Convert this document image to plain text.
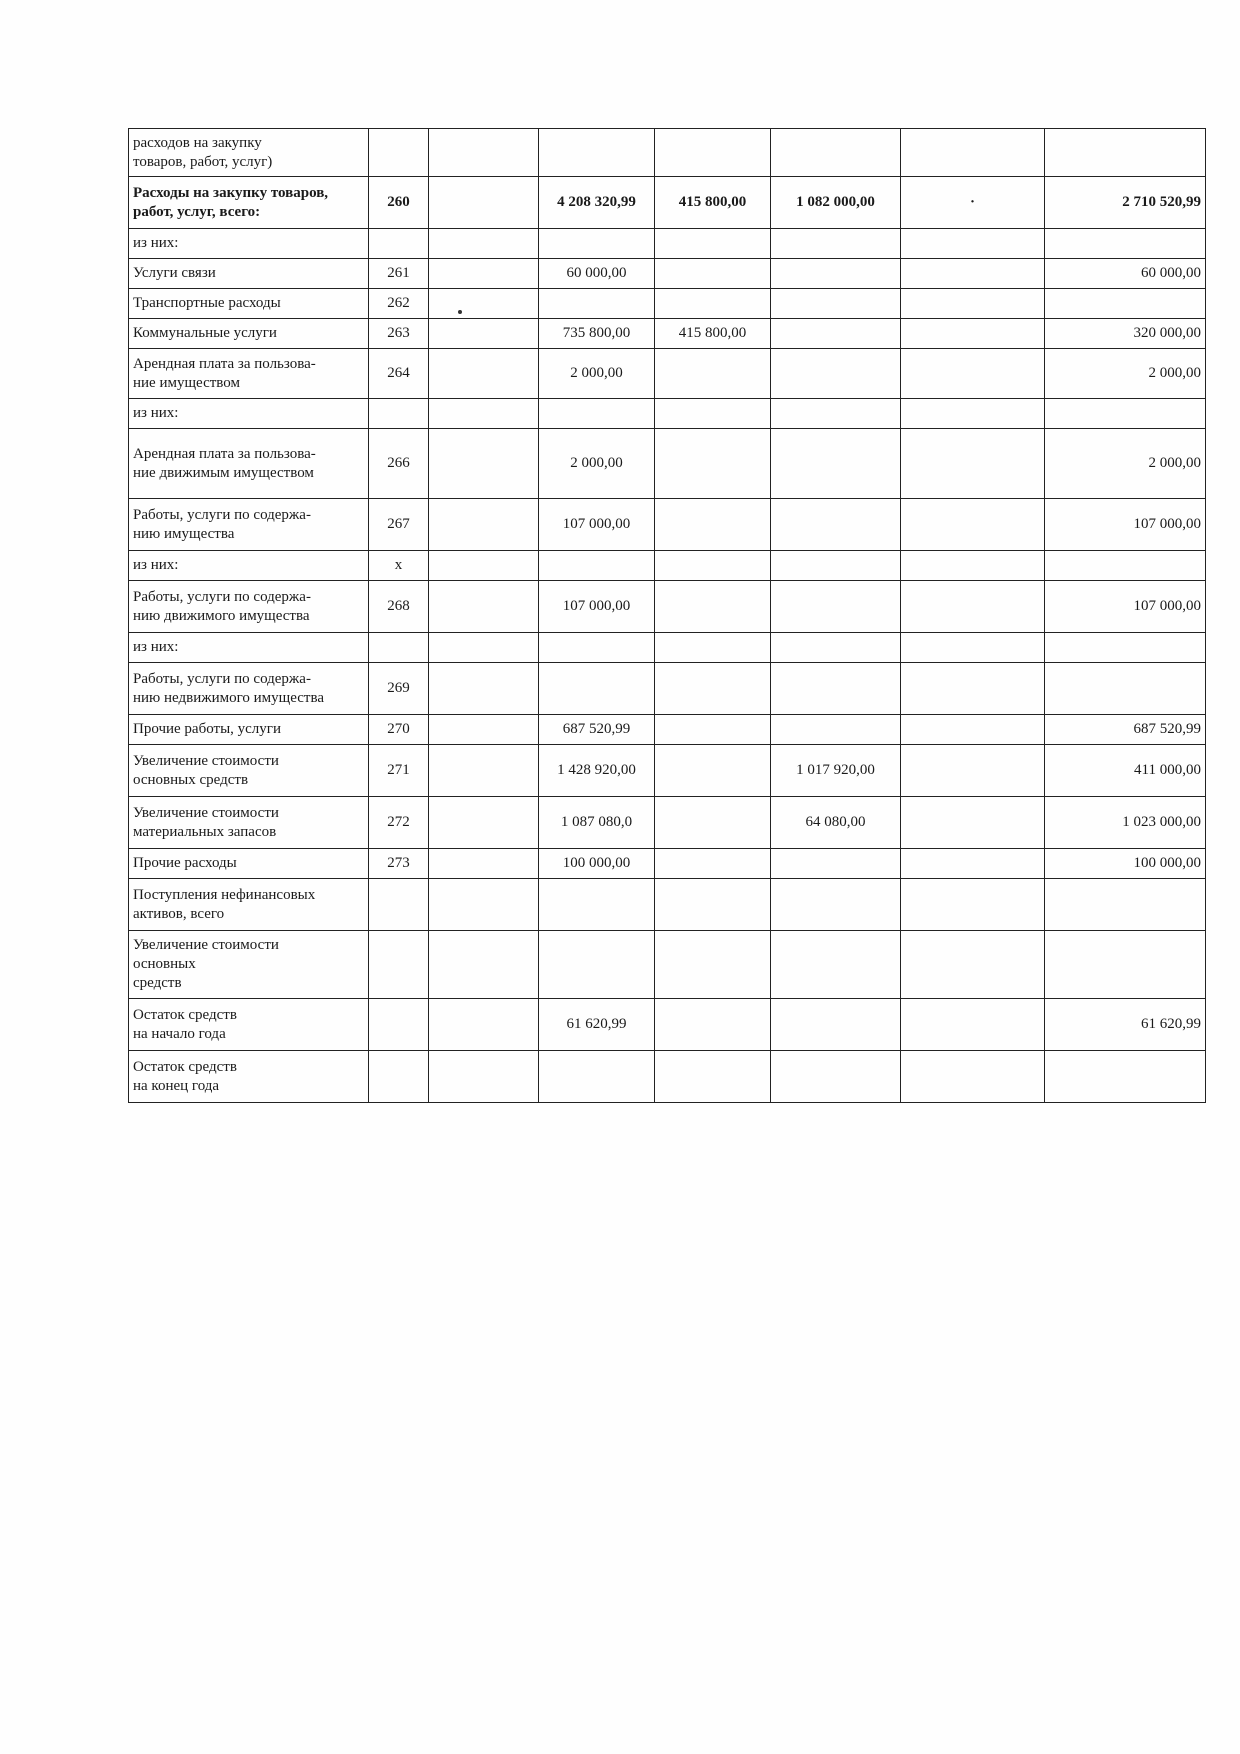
расходов на закупку
товаров, работ, услуг)							
Расходы на закупку товаров,
работ, услуг, всего:	260		4 208 320,99	415 800,00	1 082 000,00	·	2 710 520,99
из них:							
Услуги связи	261		60 000,00				60 000,00
Транспортные расходы	262						
Коммунальные услуги	263		735 800,00	415 800,00			320 000,00
Арендная плата за пользова-
ние имуществом	264		2 000,00				2 000,00
из них:							
Арендная плата за пользова-
ние движимым имуществом	266		2 000,00				2 000,00
Работы, услуги по содержа-
нию имущества	267		107 000,00				107 000,00
из них:	x						
Работы, услуги по содержа-
нию движимого имущества	268		107 000,00				107 000,00
из них:							
Работы, услуги по содержа-
нию недвижимого имущества	269						
Прочие работы, услуги	270		687 520,99				687 520,99
Увеличение стоимости
основных средств	271		1 428 920,00		1 017 920,00		411 000,00
Увеличение стоимости
материальных запасов	272		1 087 080,0		64 080,00		1 023 000,00
Прочие расходы	273		100 000,00				100 000,00
Поступления нефинансовых
активов, всего							
Увеличение стоимости
основных
средств							
Остаток средств
на начало года			61 620,99				61 620,99
Остаток средств
на конец года							
